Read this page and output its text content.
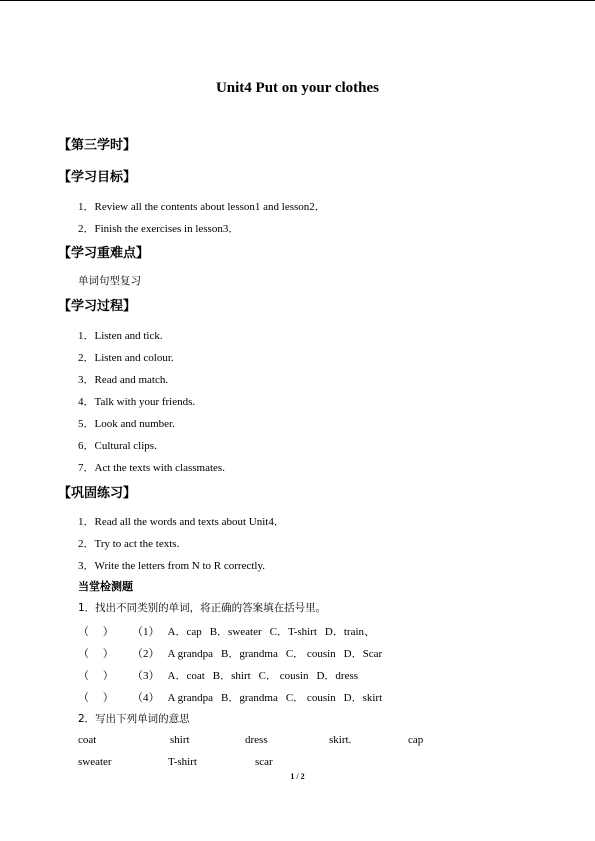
Unit4 Put on your clothes
【第三学时】
【学习目标】
1．Review all the contents about lesson1 and lesson2．
2．Finish the exercises in lesson3．
【学习重难点】
单词句型复习
【学习过程】
1．Listen and tick.
2．Listen and colour.
3．Read and match.
4．Talk with your friends.
5．Look and number.
6．Cultural clips.
7．Act the texts with classmates.
【巩固练习】
1．Read all the words and texts about Unit4．
2．Try to act the texts.
3．Write the letters from N to R correctly.
当堂检测题
1．找出不同类别的单词，将正确的答案填在括号里。
（　 ） （1） A．cap B．sweater C．T-shirt D．train、
（　 ） （2） A grandpa B．grandma C． cousin D．Scar
（　 ） （3） A．coat B．shirt C． cousin D．dress
（　 ） （4） A grandpa B．grandma C． cousin D．skirt
2．写出下列单词的意思
coat	shirt	dress	skirt.	cap
sweater	T-shirt	scar
1 / 2
